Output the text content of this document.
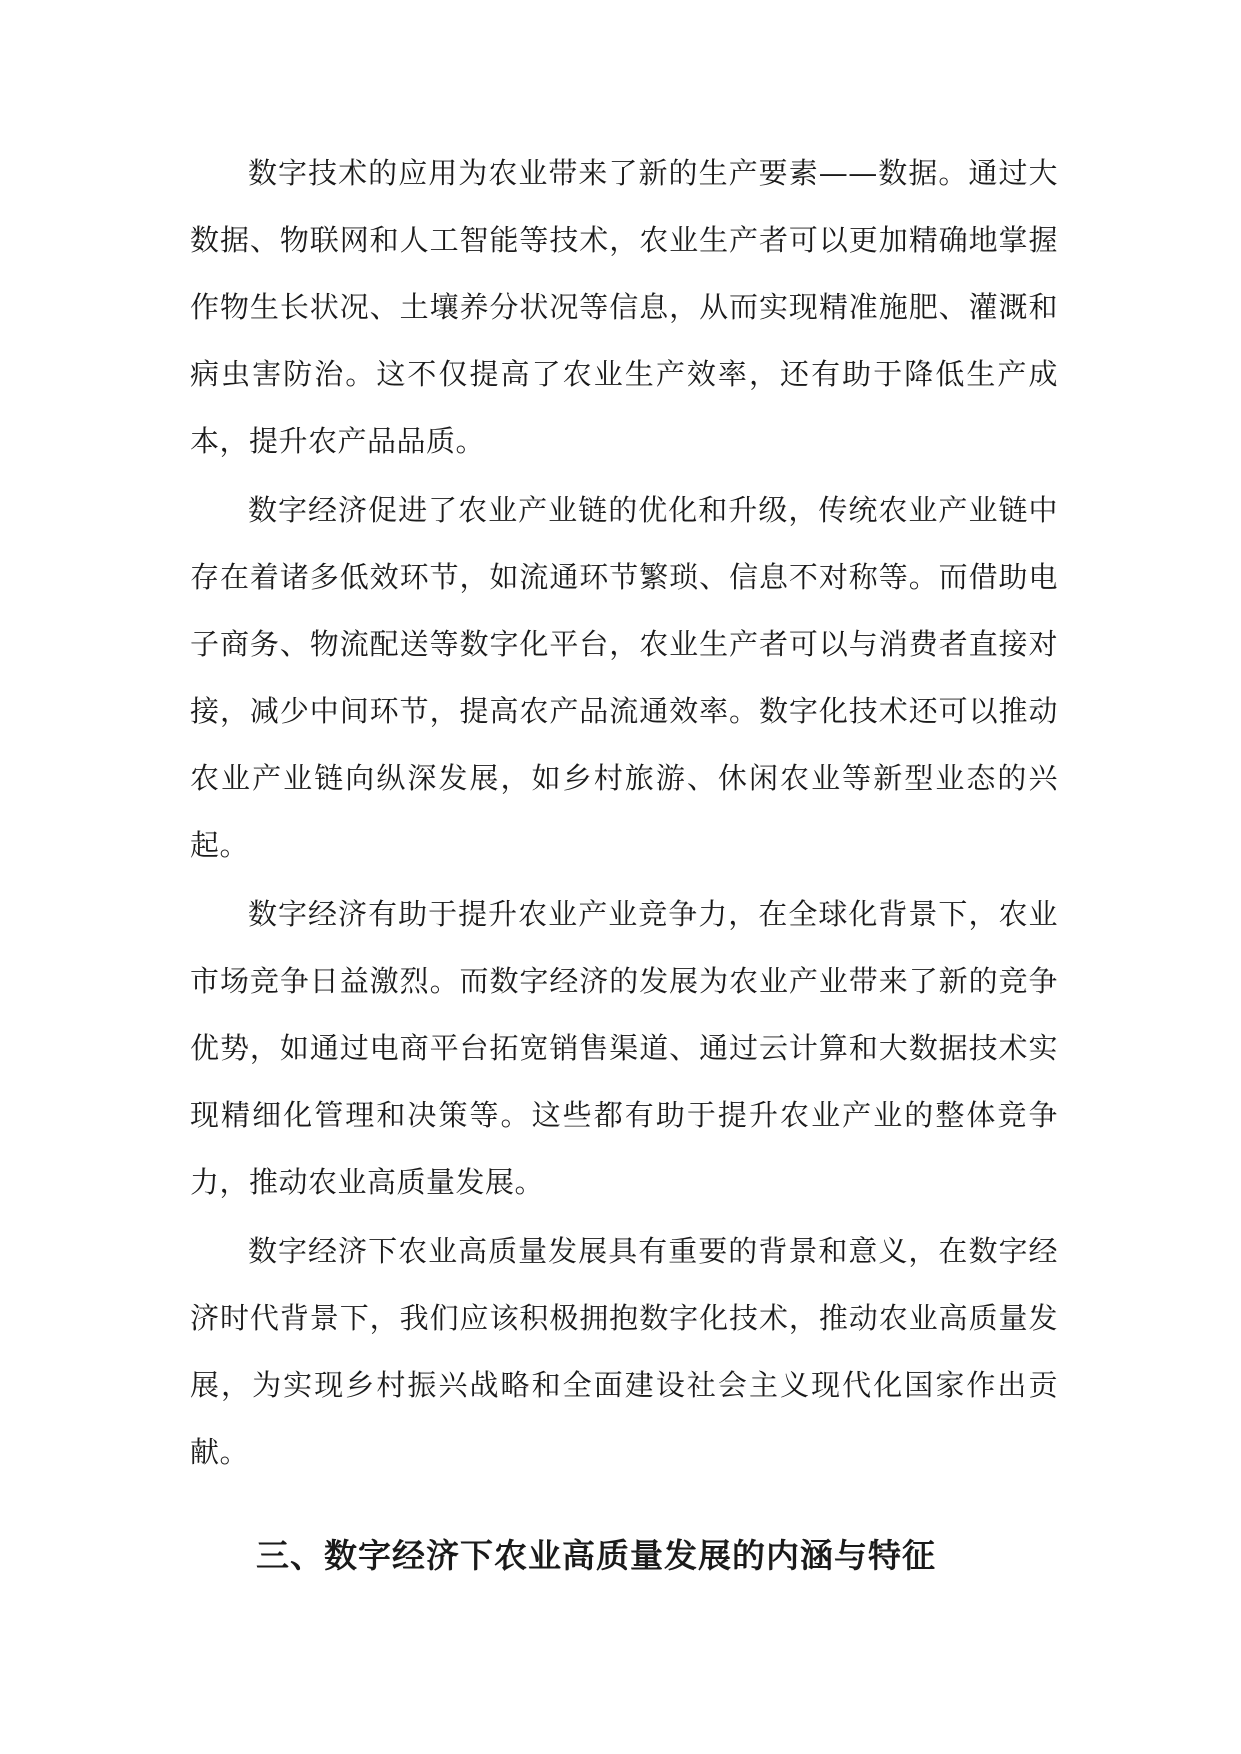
数字技术的应用为农业带来了新的生产要素——数据。通过大数据、物联网和人工智能等技术，农业生产者可以更加精确地掌握作物生长状况、土壤养分状况等信息，从而实现精准施肥、灌溉和病虫害防治。这不仅提高了农业生产效率，还有助于降低生产成本，提升农产品品质。

数字经济促进了农业产业链的优化和升级，传统农业产业链中存在着诸多低效环节，如流通环节繁琐、信息不对称等。而借助电子商务、物流配送等数字化平台，农业生产者可以与消费者直接对接，减少中间环节，提高农产品流通效率。数字化技术还可以推动农业产业链向纵深发展，如乡村旅游、休闲农业等新型业态的兴起。

数字经济有助于提升农业产业竞争力，在全球化背景下，农业市场竞争日益激烈。而数字经济的发展为农业产业带来了新的竞争优势，如通过电商平台拓宽销售渠道、通过云计算和大数据技术实现精细化管理和决策等。这些都有助于提升农业产业的整体竞争力，推动农业高质量发展。

数字经济下农业高质量发展具有重要的背景和意义，在数字经济时代背景下，我们应该积极拥抱数字化技术，推动农业高质量发展，为实现乡村振兴战略和全面建设社会主义现代化国家作出贡献。

三、数字经济下农业高质量发展的内涵与特征
